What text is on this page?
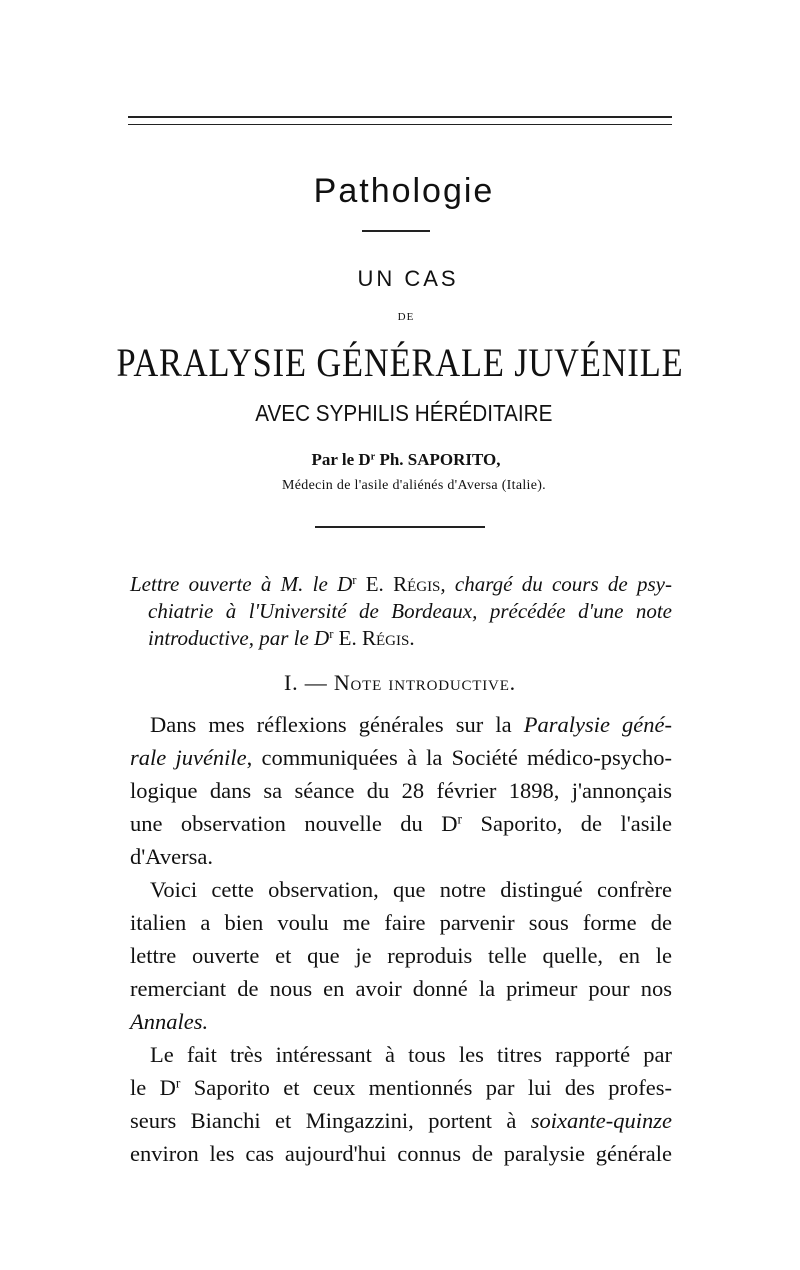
Pathologie
UN CAS
DE
PARALYSIE GÉNÉRALE JUVÉNILE
AVEC SYPHILIS HÉRÉDITAIRE
Par le $D^r$ Ph. SAPORITO,
Médecin de l'asile d'aliénés d'Aversa (Italie).
Lettre ouverte à M. le $D^r$ E. Régis, chargé du cours de psy-
chiatrie à l'Université de Bordeaux, précédée d'une note
introductive, par le $D^r$ E. Régis.
I. — Note introductive.
Dans mes réflexions générales sur la Paralysie géné-
rale juvénile, communiquées à la Société médico-psycho-
logique dans sa séance du 28 février 1898, j'annonçais
une observation nouvelle du $D^r$ Saporito, de l'asile
d'Aversa.
Voici cette observation, que notre distingué confrère
italien a bien voulu me faire parvenir sous forme de
lettre ouverte et que je reproduis telle quelle, en le
remerciant de nous en avoir donné la primeur pour nos
Annales.
Le fait très intéressant à tous les titres rapporté par
le $D^r$ Saporito et ceux mentionnés par lui des profes-
seurs Bianchi et Mingazzini, portent à soixante-quinze
environ les cas aujourd'hui connus de paralysie générale
